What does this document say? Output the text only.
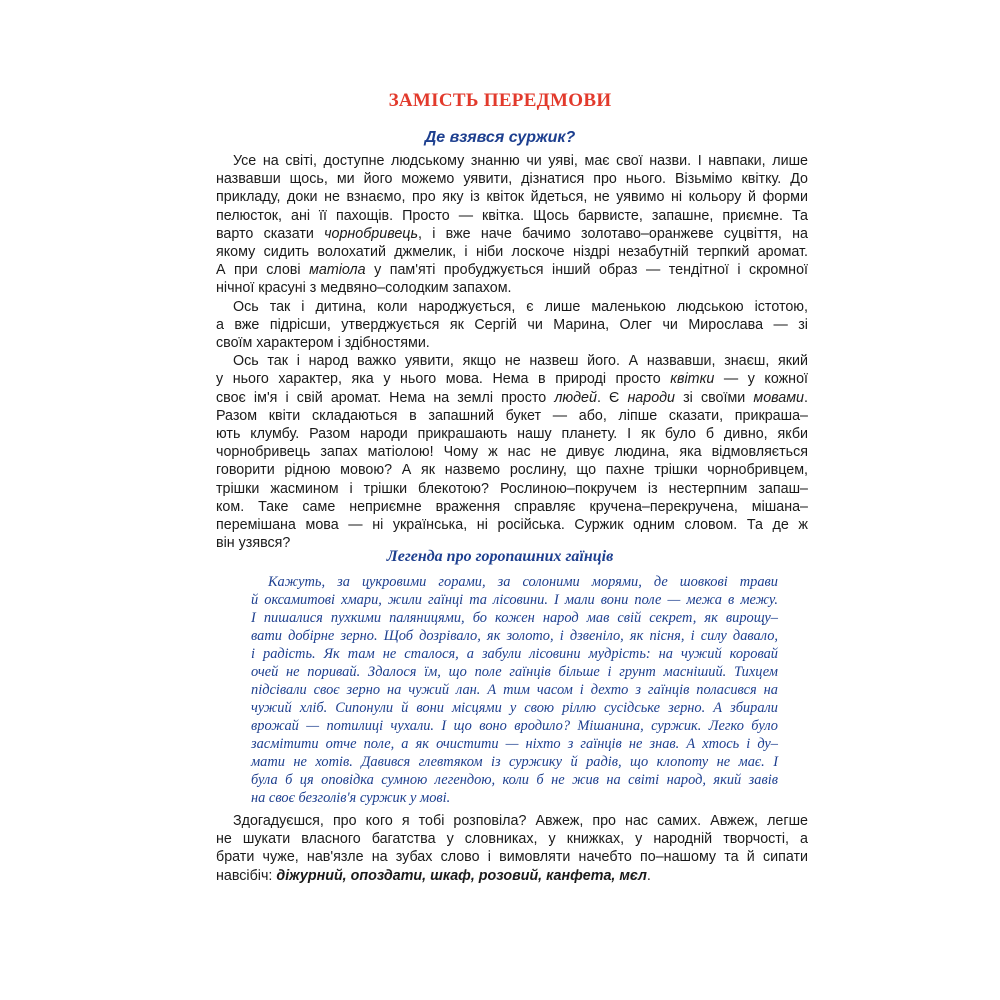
ЗАМІСТЬ ПЕРЕДМОВИ
Де взявся суржик?
Усе на світі, доступне людському знанню чи уяві, має свої назви. І навпаки, лише
назвавши щось, ми його можемо уявити, дізнатися про нього. Візьмімо квітку. До
прикладу, доки не взнаємо, про яку із квіток йдеться, не уявимо ні кольору й форми
пелюсток, ані її пахощів. Просто — квітка. Щось барвисте, запашне, приємне. Та
варто сказати чорнобривець, і вже наче бачимо золотаво–оранжеве суцвіття, на
якому сидить волохатий джмелик, і ніби лоскоче ніздрі незабутній терпкий аромат.
А при слові матіола у пам'яті пробуджується інший образ — тендітної і скромної
нічної красуні з медвяно–солодким запахом.
Ось так і дитина, коли народжується, є лише маленькою людською істотою,
а вже підрісши, утверджується як Сергій чи Марина, Олег чи Мирослава — зі
своїм характером і здібностями.
Ось так і народ важко уявити, якщо не назвеш його. А назвавши, знаєш, який
у нього характер, яка у нього мова. Нема в природі просто квітки — у кожної
своє ім'я і свій аромат. Нема на землі просто людей. Є народи зі своїми мовами.
Разом квіти складаються в запашний букет — або, ліпше сказати, прикраша–
ють клумбу. Разом народи прикрашають нашу планету. І як було б дивно, якби
чорнобривець запах матіолою! Чому ж нас не дивує людина, яка відмовляється
говорити рідною мовою? А як назвемо рослину, що пахне трішки чорнобривцем,
трішки жасмином і трішки блекотою? Рослиною–покручем із нестерпним запаш–
ком. Таке саме неприємне враження справляє кручена–перекручена, мішана–
перемішана мова — ні українська, ні російська. Суржик одним словом. Та де ж
він узявся?
Легенда про горопашних гаїнців
Кажуть, за цукровими горами, за солоними морями, де шовкові трави
й оксамитові хмари, жили гаїнці та лісовини. І мали вони поле — межа в межу.
І пишалися пухкими паляницями, бо кожен народ мав свій секрет, як вирощу–
вати добірне зерно. Щоб дозрівало, як золото, і дзвеніло, як пісня, і силу давало,
і радість. Як там не сталося, а забули лісовини мудрість: на чужий коровай
очей не поривай. Здалося їм, що поле гаїнців більше і грунт масніший. Тихцем
підсівали своє зерно на чужий лан. А тим часом і дехто з гаїнців поласився на
чужий хліб. Сипонули й вони місцями у свою ріллю сусідське зерно. А збирали
врожай — потилиці чухали. І що воно вродило? Мішанина, суржик. Легко було
засмітити отче поле, а як очистити — ніхто з гаїнців не знав. А хтось і ду–
мати не хотів. Давився глевтяком із суржику й радів, що клопоту не має. І
була б ця оповідка сумною легендою, коли б не жив на світі народ, який завів
на своє безголів'я суржик у мові.
Здогадуєшся, про кого я тобі розповіла? Авжеж, про нас самих. Авжеж, легше
не шукати власного багатства у словниках, у книжках, у народній творчості, а
брати чуже, нав'язле на зубах слово і вимовляти начебто по–нашому та й сипати
навсібіч: діжурний, опоздати, шкаф, розовий, канфета, мєл.
